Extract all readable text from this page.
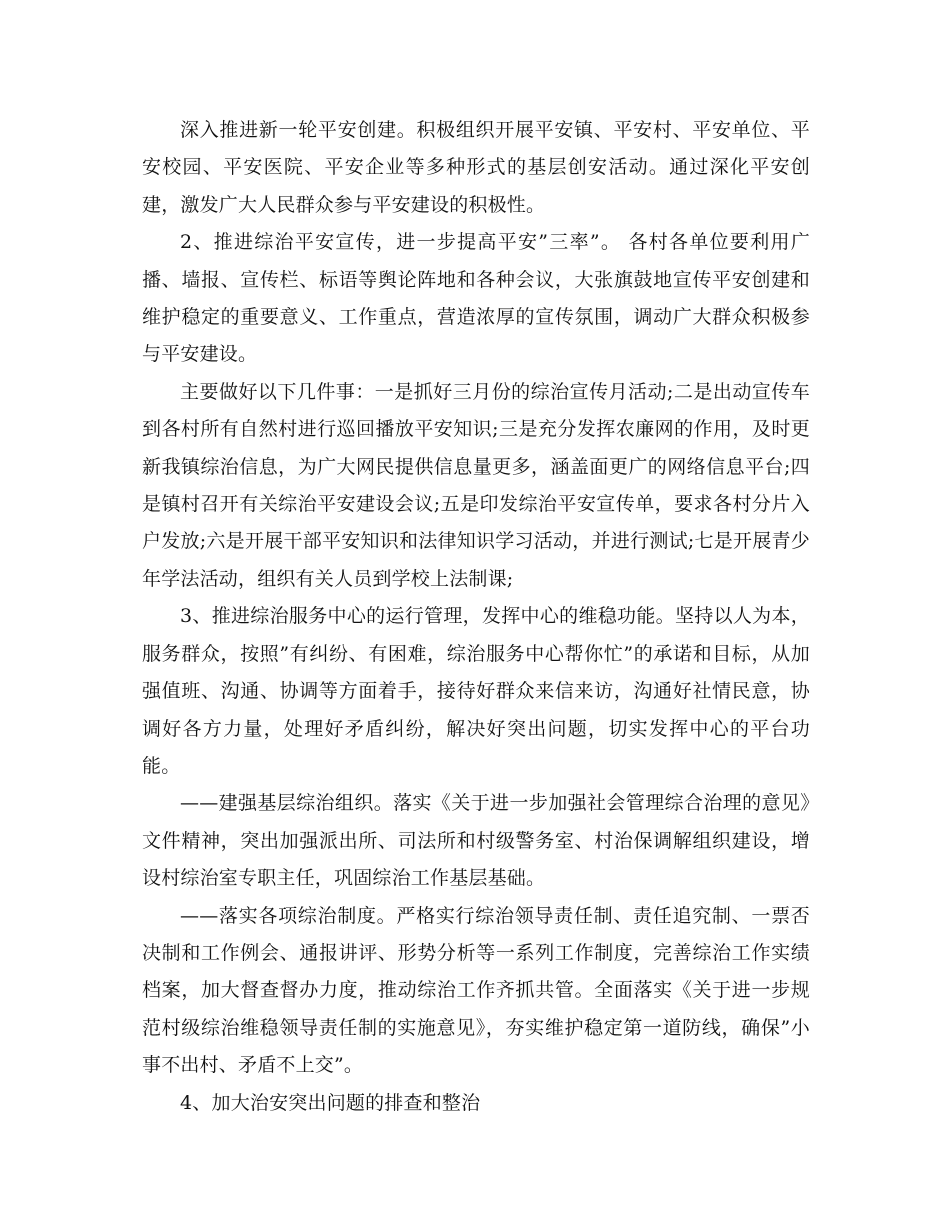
深入推进新一轮平安创建。积极组织开展平安镇、平安村、平安单位、平安校园、平安医院、平安企业等多种形式的基层创安活动。通过深化平安创建，激发广大人民群众参与平安建设的积极性。

2、推进综治平安宣传，进一步提高平安”三率”。 各村各单位要利用广播、墙报、宣传栏、标语等舆论阵地和各种会议，大张旗鼓地宣传平安创建和维护稳定的重要意义、工作重点，营造浓厚的宣传氛围，调动广大群众积极参与平安建设。

主要做好以下几件事：一是抓好三月份的综治宣传月活动;二是出动宣传车到各村所有自然村进行巡回播放平安知识;三是充分发挥农廉网的作用，及时更新我镇综治信息，为广大网民提供信息量更多，涵盖面更广的网络信息平台;四是镇村召开有关综治平安建设会议;五是印发综治平安宣传单，要求各村分片入户发放;六是开展干部平安知识和法律知识学习活动，并进行测试;七是开展青少年学法活动，组织有关人员到学校上法制课;

3、推进综治服务中心的运行管理，发挥中心的维稳功能。坚持以人为本，服务群众，按照”有纠纷、有困难，综治服务中心帮你忙”的承诺和目标，从加强值班、沟通、协调等方面着手，接待好群众来信来访，沟通好社情民意，协调好各方力量，处理好矛盾纠纷，解决好突出问题，切实发挥中心的平台功能。

——建强基层综治组织。落实《关于进一步加强社会管理综合治理的意见》文件精神，突出加强派出所、司法所和村级警务室、村治保调解组织建设，增设村综治室专职主任，巩固综治工作基层基础。

——落实各项综治制度。严格实行综治领导责任制、责任追究制、一票否决制和工作例会、通报讲评、形势分析等一系列工作制度，完善综治工作实绩档案，加大督查督办力度，推动综治工作齐抓共管。全面落实《关于进一步规范村级综治维稳领导责任制的实施意见》，夯实维护稳定第一道防线，确保”小事不出村、矛盾不上交”。

4、加大治安突出问题的排查和整治
